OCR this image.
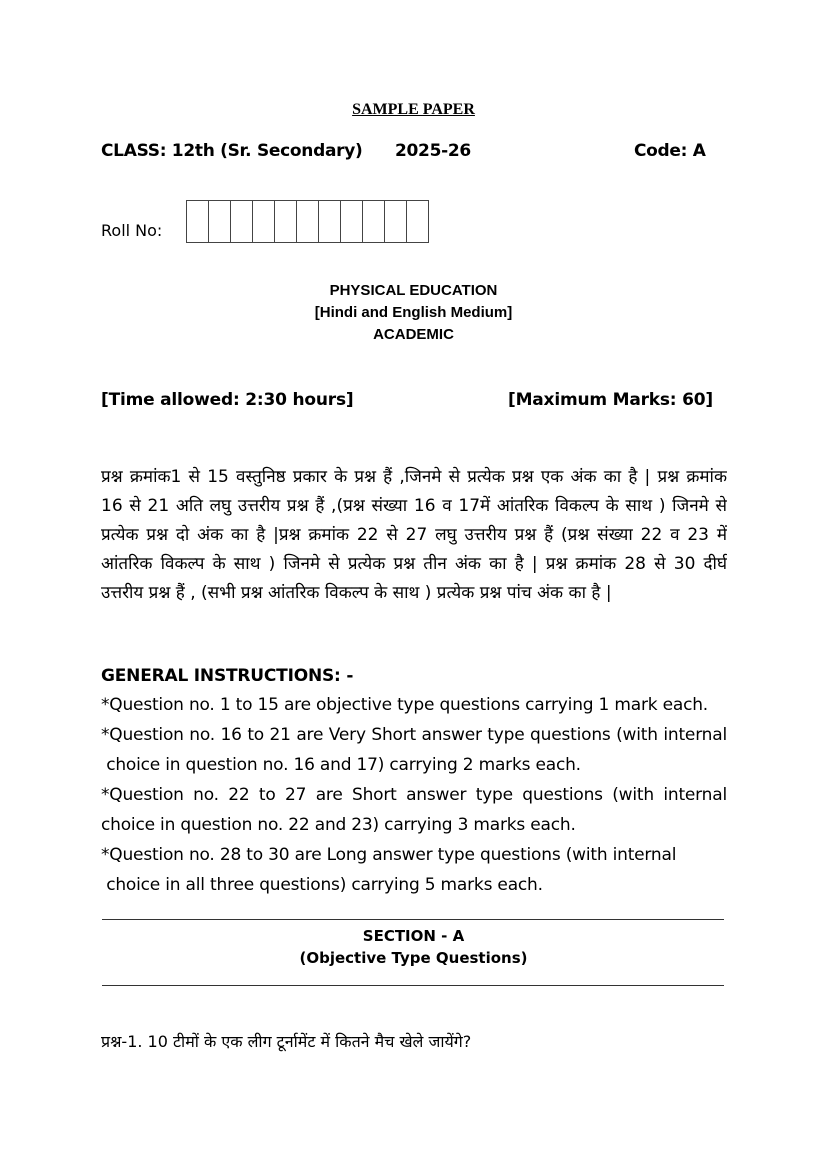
SAMPLE PAPER
CLASS: 12th (Sr. Secondary) 2025-26	Code: A
Roll No:
PHYSICAL EDUCATION
[Hindi and English Medium]
ACADEMIC
[Time allowed: 2:30 hours]	[Maximum Marks: 60]
प्रश्न क्रमांक1 से 15 वस्तुनिष्ठ प्रकार के प्रश्न हैं ,जिनमे से प्रत्येक प्रश्न एक अंक का है | प्रश्न क्रमांक
16 से 21 अति लघु उत्तरीय प्रश्न हैं ,(प्रश्न संख्या 16 व 17में आंतरिक विकल्प के साथ ) जिनमे से
प्रत्येक प्रश्न दो अंक का है |प्रश्न क्रमांक 22 से 27 लघु उत्तरीय प्रश्न हैं (प्रश्न संख्या 22 व 23 में
आंतरिक विकल्प के साथ ) जिनमे से प्रत्येक प्रश्न तीन अंक का है | प्रश्न क्रमांक 28 से 30 दीर्घ
उत्तरीय प्रश्न हैं , (सभी प्रश्न आंतरिक विकल्प के साथ ) प्रत्येक प्रश्न पांच अंक का है |
GENERAL INSTRUCTIONS: -
*Question no. 1 to 15 are objective type questions carrying 1 mark each.
*Question no. 16 to 21 are Very Short answer type questions (with internal
choice in question no. 16 and 17) carrying 2 marks each.
*Question no. 22 to 27 are Short answer type questions (with internal
choice in question no. 22 and 23) carrying 3 marks each.
*Question no. 28 to 30 are Long answer type questions (with internal
choice in all three questions) carrying 5 marks each.
SECTION - A
(Objective Type Questions)
प्रश्न-1. 10 टीमों के एक लीग टूर्नामेंट में कितने मैच खेले जायेंगे?
